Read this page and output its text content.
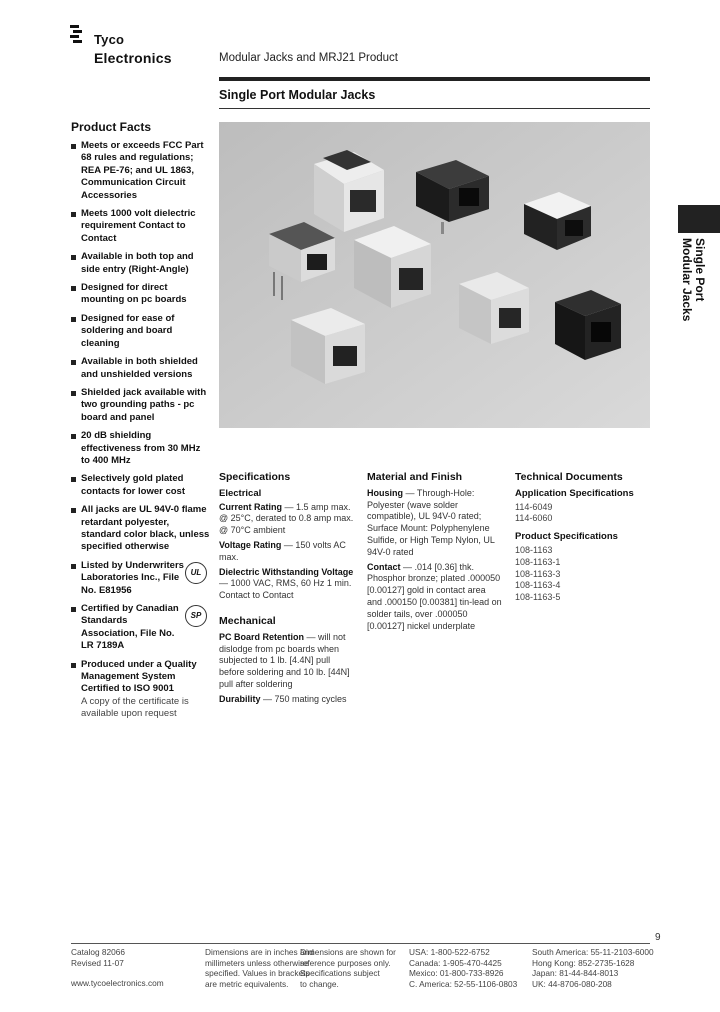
Tyco
Electronics	Modular Jacks and MRJ21 Product
Single Port Modular Jacks
Single Port
Modular Jacks
Product Facts
Meets or exceeds FCC Part 68 rules and regulations; REA PE-76; and UL 1863, Communication Circuit Accessories
Meets 1000 volt dielectric requirement Contact to Contact
Available in both top and side entry (Right-Angle)
Designed for direct mounting on pc boards
Designed for ease of soldering and board cleaning
Available in both shielded and unshielded versions
Shielded jack available with two grounding paths - pc board and panel
20 dB shielding effectiveness from 30 MHz to 400 MHz
Selectively gold plated contacts for lower cost
All jacks are UL 94V-0 flame retardant polyester, standard color black, unless specified otherwise
Listed by Underwriters Laboratories Inc., File No. E81956
UL
Certified by Canadian Standards Association, File No. LR 7189A
SP
Produced under a Quality Management System Certified to ISO 9001
A copy of the certificate is available upon request
Specifications
Electrical

Current Rating — 1.5 amp max. @ 25°C, derated to 0.8 amp max. @ 70°C ambient

Voltage Rating — 150 volts AC max.

Dielectric Withstanding Voltage — 1000 VAC, RMS, 60 Hz 1 min. Contact to Contact

Mechanical

PC Board Retention — will not dislodge from pc boards when subjected to 1 lb. [4.4N] pull before soldering and 10 lb. [44N] pull after soldering

Durability — 750 mating cycles

Material and Finish

Housing — Through-Hole: Polyester (wave solder compatible), UL 94V-0 rated; Surface Mount: Polyphenylene Sulfide, or High Temp Nylon, UL 94V-0 rated

Contact — .014 [0.36] thk. Phosphor bronze; plated .000050 [0.00127] gold in contact area and .000150 [0.00381] tin-lead on solder tails, over .000050 [0.00127] nickel underplate

Technical Documents
Application Specifications
114-6049
114-6060
Product Specifications
108-1163
108-1163-1
108-1163-3
108-1163-4
108-1163-5
9
Catalog 82066
Revised 11-07
www.tycoelectronics.com
Dimensions are in inches and
millimeters unless otherwise
specified. Values in brackets
are metric equivalents.
Dimensions are shown for
reference purposes only.
Specifications subject
to change.
USA: 1-800-522-6752
Canada: 1-905-470-4425
Mexico: 01-800-733-8926
C. America: 52-55-1106-0803
South America: 55-11-2103-6000
Hong Kong: 852-2735-1628
Japan: 81-44-844-8013
UK: 44-8706-080-208
